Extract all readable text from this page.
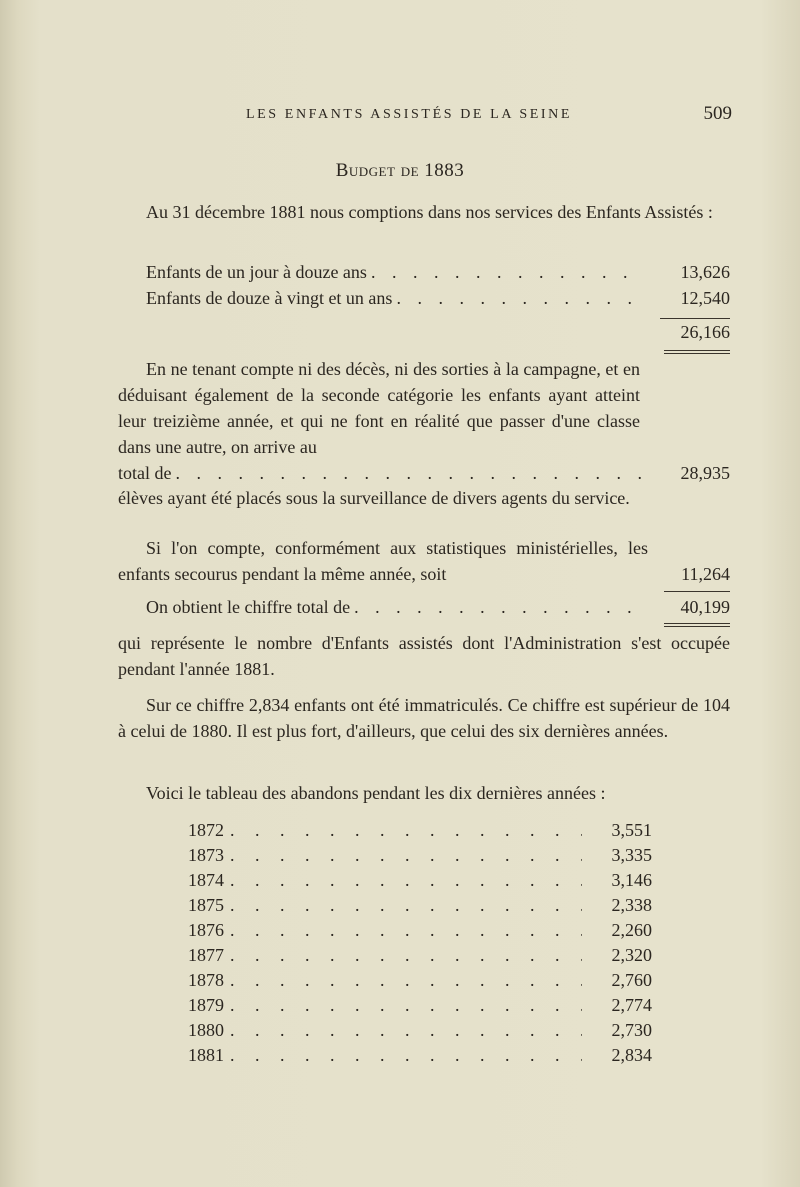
LES ENFANTS ASSISTÉS DE LA SEINE	509
Budget de 1883
Au 31 décembre 1881 nous comptions dans nos services des Enfants Assistés :
Enfants de un jour à douze ans . . .	13,626
Enfants de douze à vingt et un ans . . .	12,540
26,166
En ne tenant compte ni des décès, ni des sorties à la campagne, et en déduisant également de la seconde catégorie les enfants ayant atteint leur treizième année, et qui ne font en réalité que passer d'une classe dans une autre, on arrive au
total de . . .	28,935
élèves ayant été placés sous la surveillance de divers agents du service.
Si l'on compte, conformément aux statistiques ministérielles, les enfants secourus pendant la même année, soit	11,264
On obtient le chiffre total de . . .	40,199
qui représente le nombre d'Enfants assistés dont l'Administration s'est occupée pendant l'année 1881.
Sur ce chiffre 2,834 enfants ont été immatriculés. Ce chiffre est supérieur de 104 à celui de 1880. Il est plus fort, d'ailleurs, que celui des six dernières années.
Voici le tableau des abandons pendant les dix dernières années :
1872 . . .	3,551
1873 . . .	3,335
1874 . . .	3,146
1875 . . .	2,338
1876 . . .	2,260
1877 . . .	2,320
1878 . . .	2,760
1879 . . .	2,774
1880 . . .	2,730
1881 . . .	2,834
